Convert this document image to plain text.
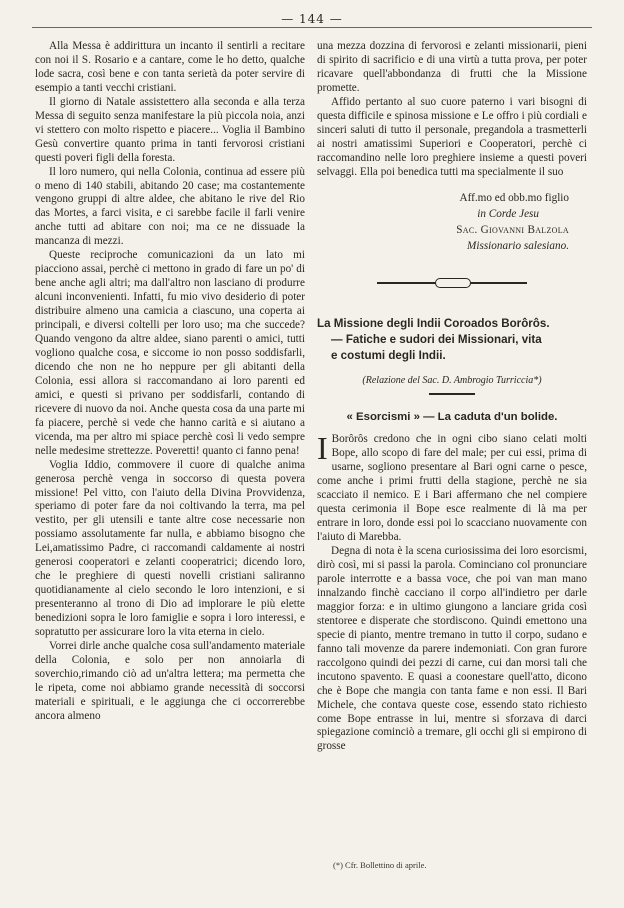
— 144 —

Alla Messa è addirittura un incanto il sentirli a recitare con noi il S. Rosario e a cantare, come le ho detto, qualche lode sacra, così bene e con tanta serietà da poter servire di esempio a tanti vecchi cristiani.

Il giorno di Natale assistettero alla seconda e alla terza Messa di seguito senza manifestare la più piccola noia, anzi vi stettero con molto rispetto e piacere... Voglia il Bambino Gesù convertire quanto prima in tanti fervorosi cristiani questi poveri figli della foresta.

Il loro numero, qui nella Colonia, continua ad essere più o meno di 140 stabili, abitando 20 case; ma costantemente vengono gruppi di altre aldee, che abitano le rive del Rio das Mortes, a farci visita, e ci sarebbe facile il farli venire anche tutti ad abitare con noi; ma ce ne dissuade la mancanza di mezzi.

Queste reciproche comunicazioni da un lato mi piacciono assai, perchè ci mettono in grado di fare un po' di bene anche agli altri; ma dall'altro non lasciano di produrre alcuni inconvenienti. Infatti, fu mio vivo desiderio di poter distribuire almeno una camicia a ciascuno, una coperta ai principali, e diversi coltelli per loro uso; ma che succede? Quando vengono da altre aldee, siano parenti o amici, tutti vogliono qualche cosa, e siccome io non posso soddisfarli, dicendo che non ne ho neppure per gli abitanti della Colonia, essi allora si raccomandano ai loro parenti ed amici, e questi si privano per soddisfarli, contando di ricevere di nuovo da noi. Anche questa cosa da una parte mi fa piacere, perchè si vede che hanno carità e si aiutano a vicenda, ma per altro mi spiace perchè così li vedo sempre nelle medesime strettezze. Poveretti! quanto ci fanno pena!

Voglia Iddio, commovere il cuore di qualche anima generosa perchè venga in soccorso di questa povera missione! Pel vitto, con l'aiuto della Divina Provvidenza, speriamo di poter fare da noi coltivando la terra, ma pel vestito, per gli utensili e tante altre cose necessarie non possiamo assolutamente far nulla, e abbiamo bisogno che Lei,amatissimo Padre, ci raccomandi caldamente ai nostri generosi cooperatori e zelanti cooperatrici; dicendo loro, che le preghiere di questi novelli cristiani saliranno quotidianamente al cielo secondo le loro intenzioni, e si presenteranno al trono di Dio ad implorare le più elette benedizioni sopra le loro famiglie e sopra i loro interessi, e sopratutto per assicurare loro la vita eterna in cielo.

Vorrei dirle anche qualche cosa sull'andamento materiale della Colonia, e solo per non annoiarla di soverchio,rimando ciò ad un'altra lettera; ma permetta che le ripeta, come noi abbiamo grande necessità di soccorsi materiali e spirituali, e le aggiunga che ci occorrerebbe ancora almeno

una mezza dozzina di fervorosi e zelanti missionarii, pieni di spirito di sacrificio e di una virtù a tutta prova, per poter ricavare quell'abbondanza di frutti che la Missione promette.

Affido pertanto al suo cuore paterno i vari bisogni di questa difficile e spinosa missione e Le offro i più cordiali e sinceri saluti di tutto il personale, pregandola a trasmetterli ai nostri amatissimi Superiori e Cooperatori, perchè ci raccomandino nelle loro preghiere insieme a questi poveri selvaggi. Ella poi benedica tutti ma specialmente il suo

Aff.mo ed obb.mo figlio
in Corde Jesu
Sac. Giovanni Balzola
Missionario salesiano.
La Missione degli Indii Coroados Borôrôs.
— Fatiche e sudori dei Missionari, vita
e costumi degli Indii.
(Relazione del Sac. D. Ambrogio Turriccia*)
« Esorcismi » — La caduta d'un bolide.

I Borôrôs credono che in ogni cibo siano celati molti Bope, allo scopo di fare del male; per cui essi, prima di usarne, sogliono presentare al Bari ogni carne o pesce, come anche i primi frutti della stagione, perchè ne sia scacciato il nemico. E i Bari affermano che nel compiere questa cerimonia il Bope esce realmente di là ma per entrare in loro, donde essi poi lo scacciano nuovamente con l'aiuto di Marebba.

Degna di nota è la scena curiosissima dei loro esorcismi, dirò così, mi si passi la parola. Cominciano col pronunciare parole interrotte e a bassa voce, che poi van man mano innalzando finchè cacciano il corpo all'indietro per darle maggior forza: e in ultimo giungono a lanciare grida così stentoree e disperate che stordiscono. Quindi emettono una specie di pianto, mentre tremano in tutto il corpo, sudano e fanno tali movenze da parere indemoniati. Con gran furore raccolgono quindi dei pezzi di carne, cui dan morsi tali che incutono spavento. E quasi a coonestare quell'atto, dicono che è Bope che mangia con tanta fame e non essi. Il Bari Michele, che contava queste cose, essendo stato richiesto come Bope entrasse in lui, mentre si sforzava di darci spiegazione cominciò a tremare, gli occhi gli si empirono di grosse

(*) Cfr. Bollettino di aprile.
